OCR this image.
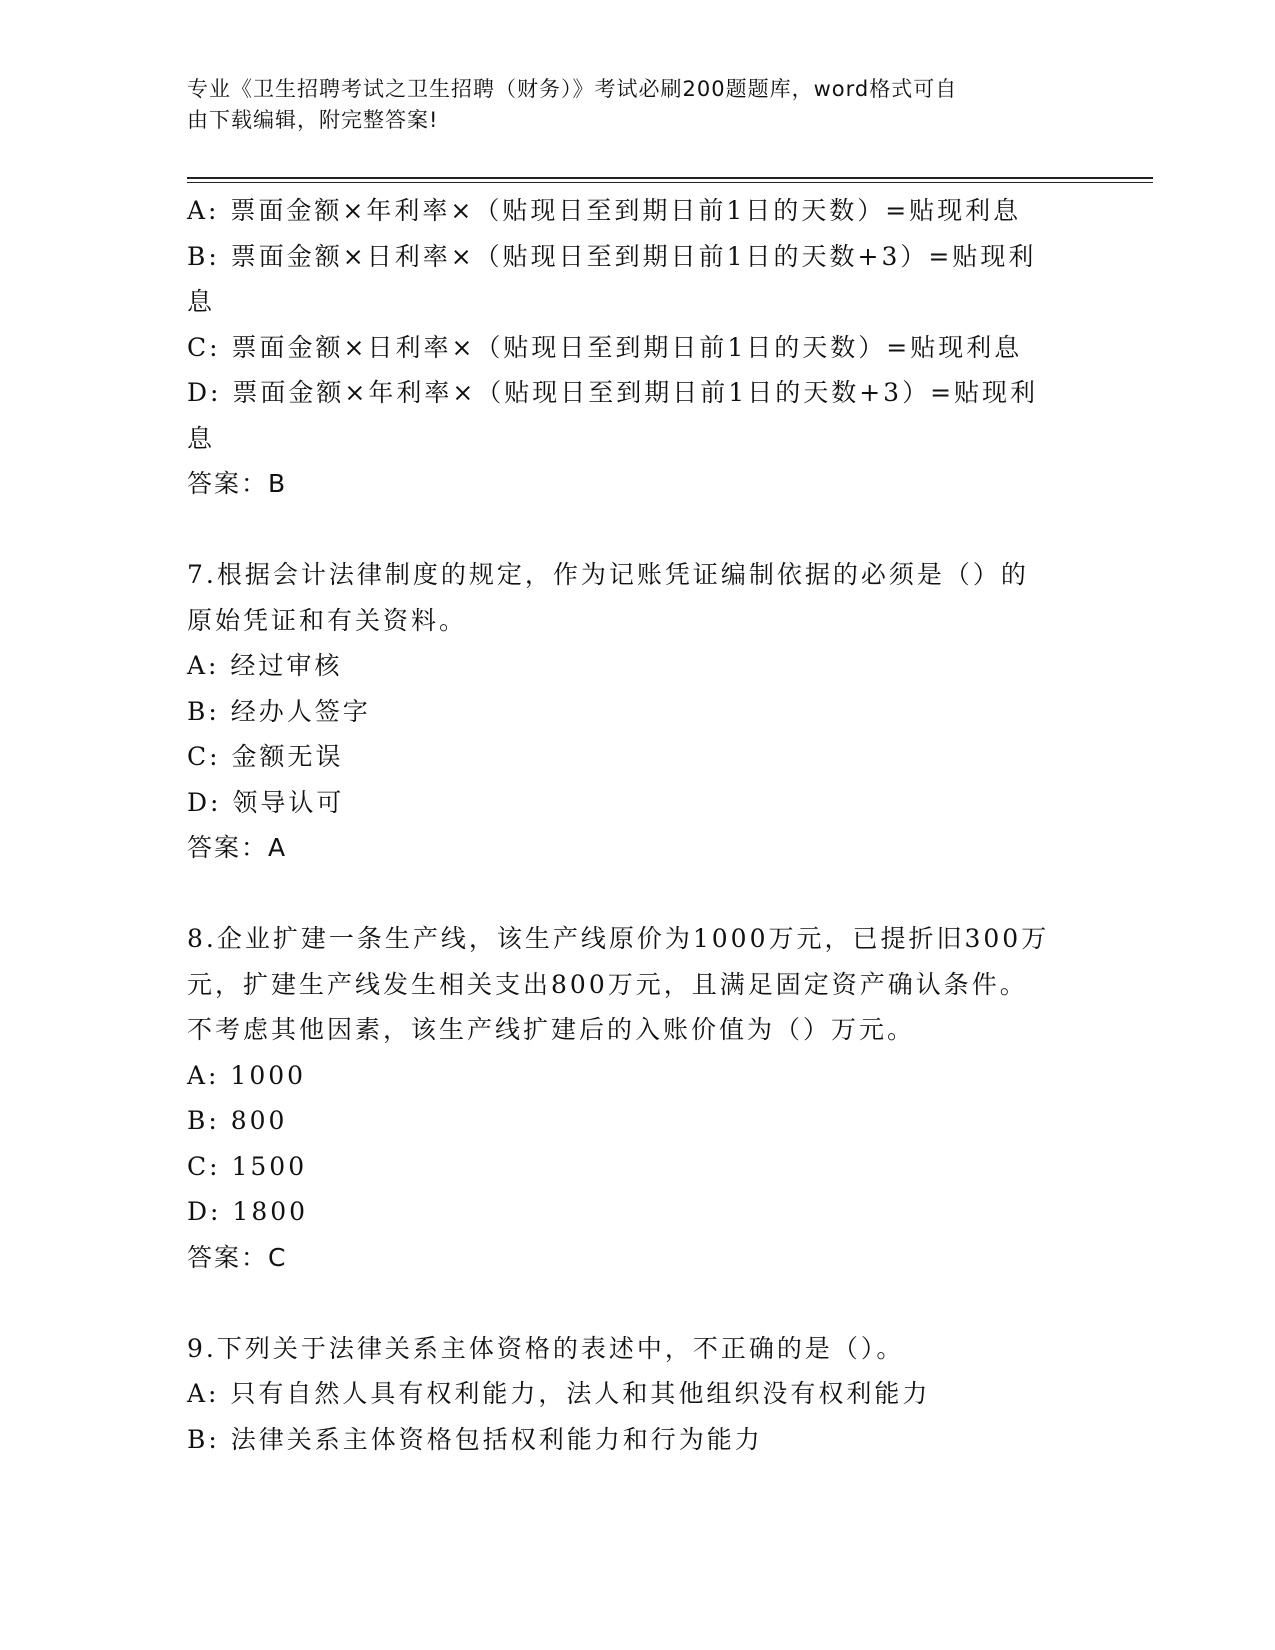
专业《卫生招聘考试之卫生招聘（财务）》考试必刷200题题库，word格式可自
由下载编辑，附完整答案!
A: 票面金额×年利率×（贴现日至到期日前1日的天数）=贴现利息
B: 票面金额×日利率×（贴现日至到期日前1日的天数+3）=贴现利
息
C: 票面金额×日利率×（贴现日至到期日前1日的天数）=贴现利息
D: 票面金额×年利率×（贴现日至到期日前1日的天数+3）=贴现利
息
答案：B
7.根据会计法律制度的规定，作为记账凭证编制依据的必须是（）的
原始凭证和有关资料。
A: 经过审核
B: 经办人签字
C: 金额无误
D: 领导认可
答案：A
8.企业扩建一条生产线，该生产线原价为1000万元，已提折旧300万
元，扩建生产线发生相关支出800万元，且满足固定资产确认条件。
不考虑其他因素，该生产线扩建后的入账价值为（）万元。
A: 1000
B: 800
C: 1500
D: 1800
答案：C
9.下列关于法律关系主体资格的表述中，不正确的是（）。
A: 只有自然人具有权利能力，法人和其他组织没有权利能力
B: 法律关系主体资格包括权利能力和行为能力
